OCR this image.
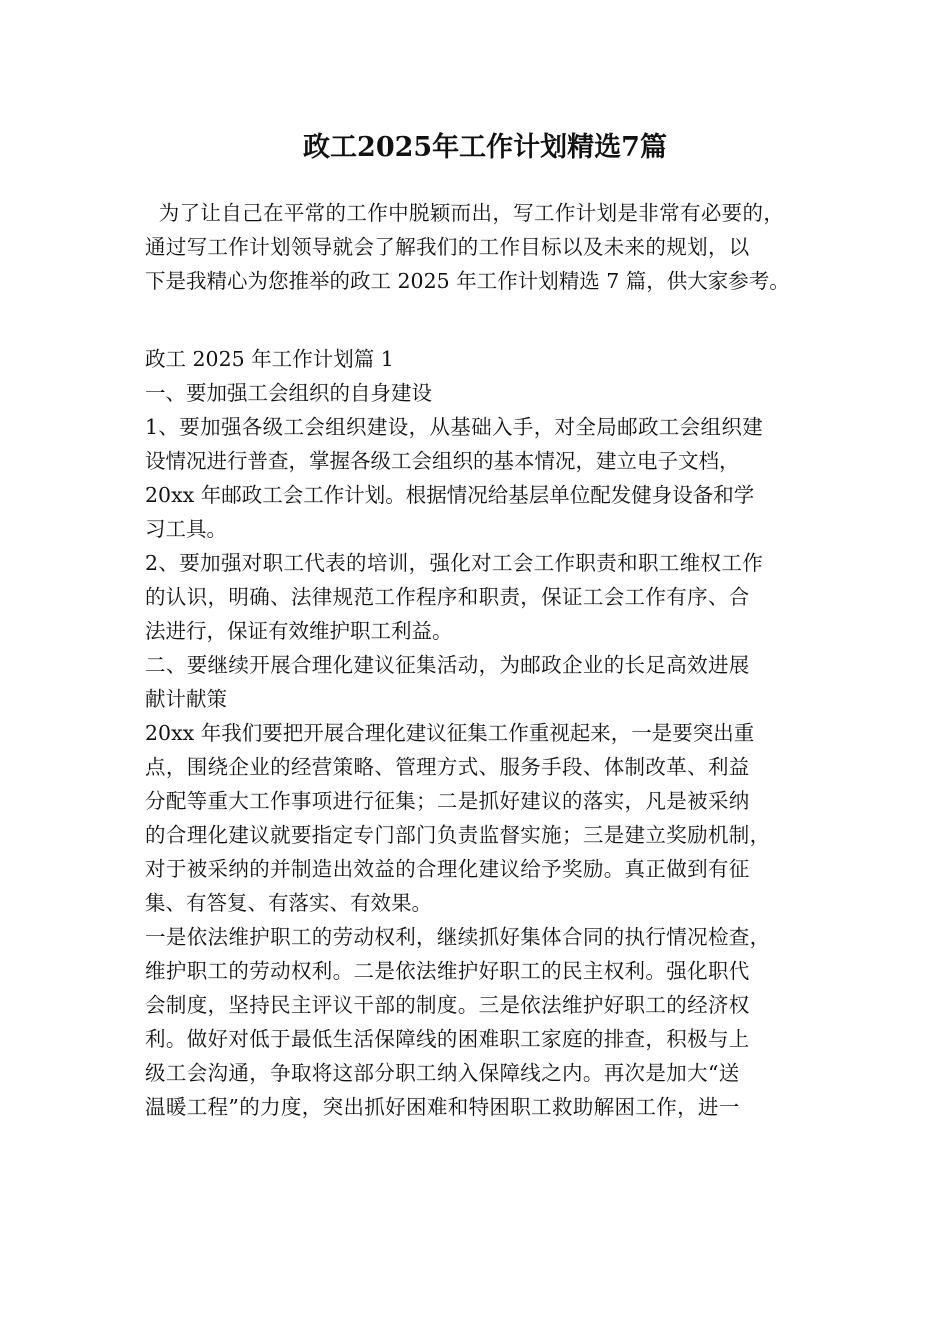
政工2025年工作计划精选7篇
为了让自己在平常的工作中脱颖而出，写工作计划是非常有必要的，
通过写工作计划领导就会了解我们的工作目标以及未来的规划，以
下是我精心为您推举的政工 2025 年工作计划精选 7 篇，供大家参考。
政工 2025 年工作计划篇 1
一、要加强工会组织的自身建设
1、要加强各级工会组织建设，从基础入手，对全局邮政工会组织建
设情况进行普查，掌握各级工会组织的基本情况，建立电子文档，
20xx 年邮政工会工作计划。根据情况给基层单位配发健身设备和学
习工具。
2、要加强对职工代表的培训，强化对工会工作职责和职工维权工作
的认识，明确、法律规范工作程序和职责，保证工会工作有序、合
法进行，保证有效维护职工利益。
二、要继续开展合理化建议征集活动，为邮政企业的长足高效进展
献计献策
20xx 年我们要把开展合理化建议征集工作重视起来，一是要突出重
点，围绕企业的经营策略、管理方式、服务手段、体制改革、利益
分配等重大工作事项进行征集；二是抓好建议的落实，凡是被采纳
的合理化建议就要指定专门部门负责监督实施；三是建立奖励机制，
对于被采纳的并制造出效益的合理化建议给予奖励。真正做到有征
集、有答复、有落实、有效果。
一是依法维护职工的劳动权利，继续抓好集体合同的执行情况检查，
维护职工的劳动权利。二是依法维护好职工的民主权利。强化职代
会制度，坚持民主评议干部的制度。三是依法维护好职工的经济权
利。做好对低于最低生活保障线的困难职工家庭的排查，积极与上
级工会沟通，争取将这部分职工纳入保障线之内。再次是加大“送
温暖工程”的力度，突出抓好困难和特困职工救助解困工作，进一
